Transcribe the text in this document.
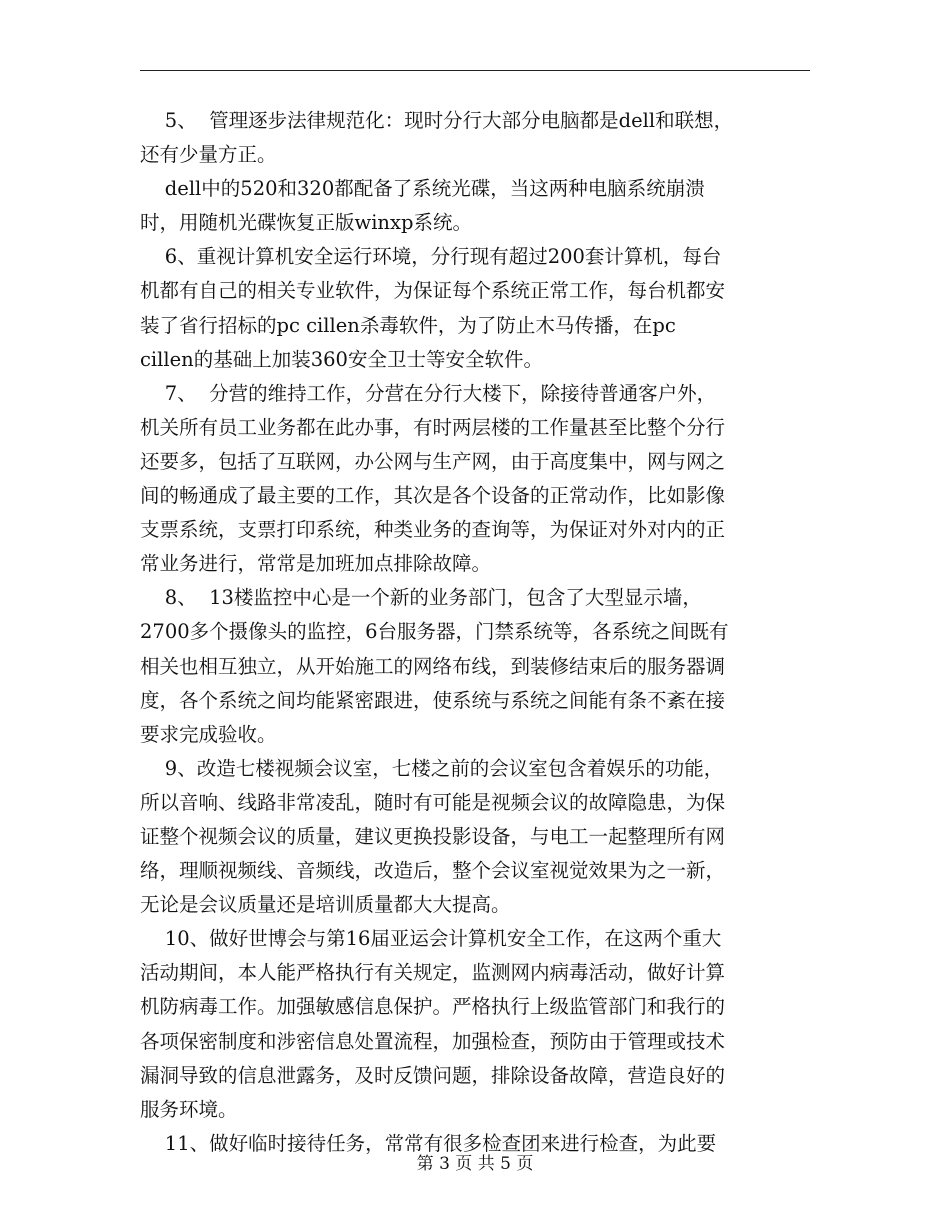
5、  管理逐步法律规范化：现时分行大部分电脑都是dell和联想，
还有少量方正。
dell中的520和320都配备了系统光碟，当这两种电脑系统崩溃
时，用随机光碟恢复正版winxp系统。
6、重视计算机安全运行环境，分行现有超过200套计算机，每台
机都有自己的相关专业软件，为保证每个系统正常工作，每台机都安
装了省行招标的pc cillen杀毒软件，为了防止木马传播，在pc
cillen的基础上加装360安全卫士等安全软件。
7、  分营的维持工作，分营在分行大楼下，除接待普通客户外，
机关所有员工业务都在此办事，有时两层楼的工作量甚至比整个分行
还要多，包括了互联网，办公网与生产网，由于高度集中，网与网之
间的畅通成了最主要的工作，其次是各个设备的正常动作，比如影像
支票系统，支票打印系统，种类业务的查询等，为保证对外对内的正
常业务进行，常常是加班加点排除故障。
8、  13楼监控中心是一个新的业务部门，包含了大型显示墙，
2700多个摄像头的监控，6台服务器，门禁系统等，各系统之间既有
相关也相互独立，从开始施工的网络布线，到装修结束后的服务器调
度，各个系统之间均能紧密跟进，使系统与系统之间能有条不紊在接
要求完成验收。
9、改造七楼视频会议室，七楼之前的会议室包含着娱乐的功能，
所以音响、线路非常凌乱，随时有可能是视频会议的故障隐患，为保
证整个视频会议的质量，建议更换投影设备，与电工一起整理所有网
络，理顺视频线、音频线，改造后，整个会议室视觉效果为之一新，
无论是会议质量还是培训质量都大大提高。
10、做好世博会与第16届亚运会计算机安全工作，在这两个重大
活动期间，本人能严格执行有关规定，监测网内病毒活动，做好计算
机防病毒工作。加强敏感信息保护。严格执行上级监管部门和我行的
各项保密制度和涉密信息处置流程，加强检查，预防由于管理或技术
漏洞导致的信息泄露务，及时反馈问题，排除设备故障，营造良好的
服务环境。
11、做好临时接待任务，常常有很多检查团来进行检查，为此要
第 3 页 共 5 页
